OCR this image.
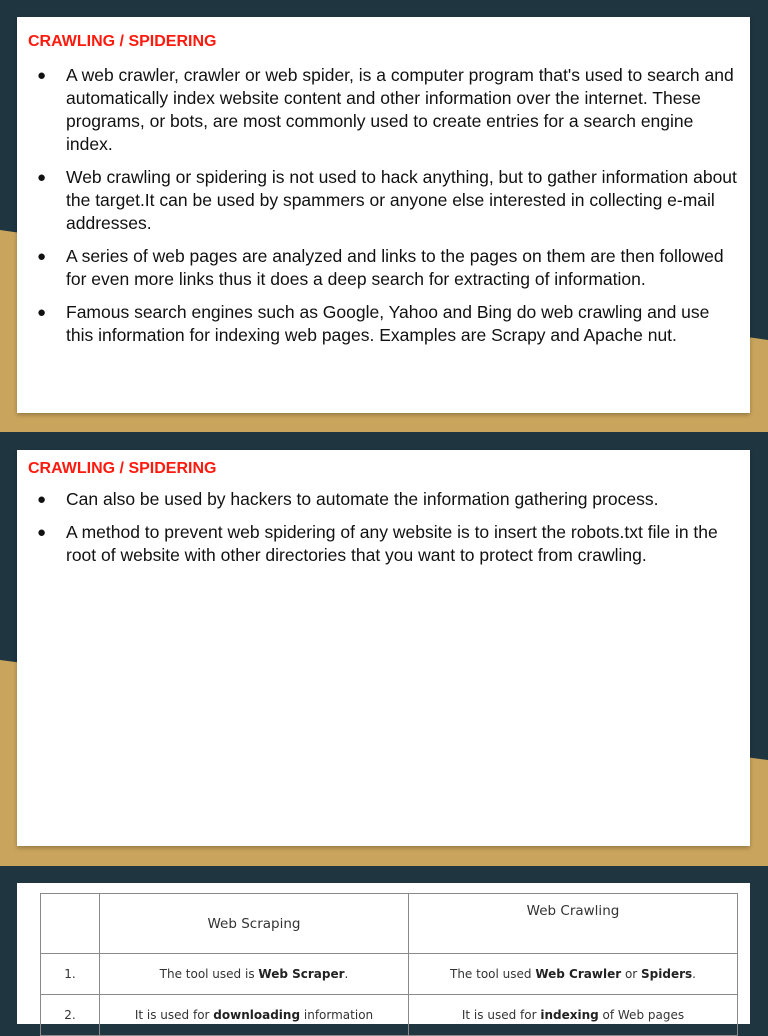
CRAWLING / SPIDERING
● A web crawler, crawler or web spider, is a computer program that's used to search and automatically index website content and other information over the internet. These programs, or bots, are most commonly used to create entries for a search engine index.
● Web crawling or spidering is not used to hack anything, but to gather information about the target.It can be used by spammers or anyone else interested in collecting e-mail addresses.
● A series of web pages are analyzed and links to the pages on them are then followed for even more links thus it does a deep search for extracting of information.
● Famous search engines such as Google, Yahoo and Bing do web crawling and use this information for indexing web pages. Examples are Scrapy and Apache nut.
CRAWLING / SPIDERING
● Can also be used by hackers to automate the information gathering process.
● A method to prevent web spidering of any website is to insert the robots.txt file in the root of website with other directories that you want to protect from crawling.
	Web Scraping	Web Crawling
1.	The tool used is Web Scraper.	The tool used Web Crawler or Spiders.
2.	It is used for downloading information	It is used for indexing of Web pages
